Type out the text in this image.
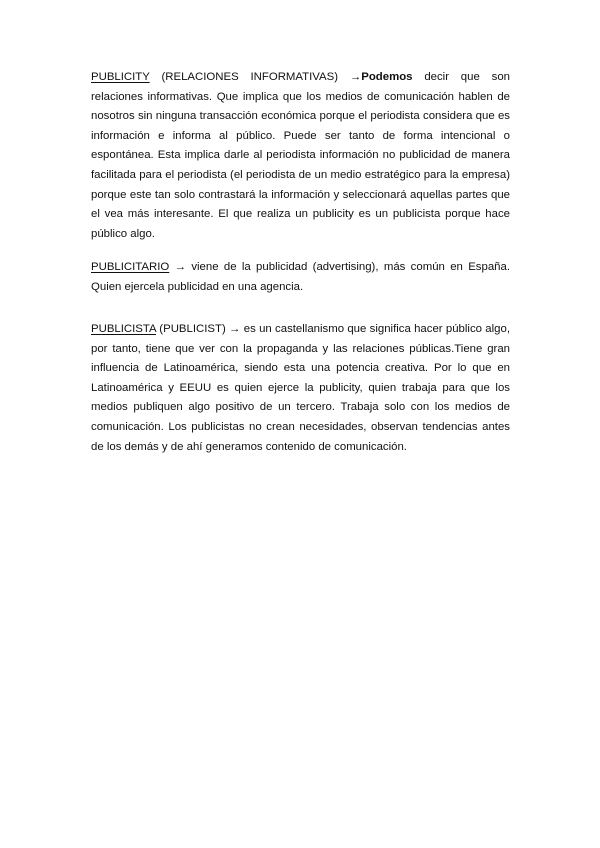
PUBLICITY (RELACIONES INFORMATIVAS) →Podemos decir que son relaciones informativas. Que implica que los medios de comunicación hablen de nosotros sin ninguna transacción económica porque el periodista considera que es información e informa al público. Puede ser tanto de forma intencional o espontánea. Esta implica darle al periodista información no publicidad de manera facilitada para el periodista (el periodista de un medio estratégico para la empresa) porque este tan solo contrastará la información y seleccionará aquellas partes que el vea más interesante. El que realiza un publicity es un publicista porque hace público algo.

PUBLICITARIO → viene de la publicidad (advertising), más común en España. Quien ejercela publicidad en una agencia.

PUBLICISTA (PUBLICIST) → es un castellanismo que significa hacer público algo, por tanto, tiene que ver con la propaganda y las relaciones públicas.Tiene gran influencia de Latinoamérica, siendo esta una potencia creativa. Por lo que en Latinoamérica y EEUU es quien ejerce la publicity, quien trabaja para que los medios publiquen algo positivo de un tercero. Trabaja solo con los medios de comunicación. Los publicistas no crean necesidades, observan tendencias antes de los demás y de ahí generamos contenido de comunicación.
